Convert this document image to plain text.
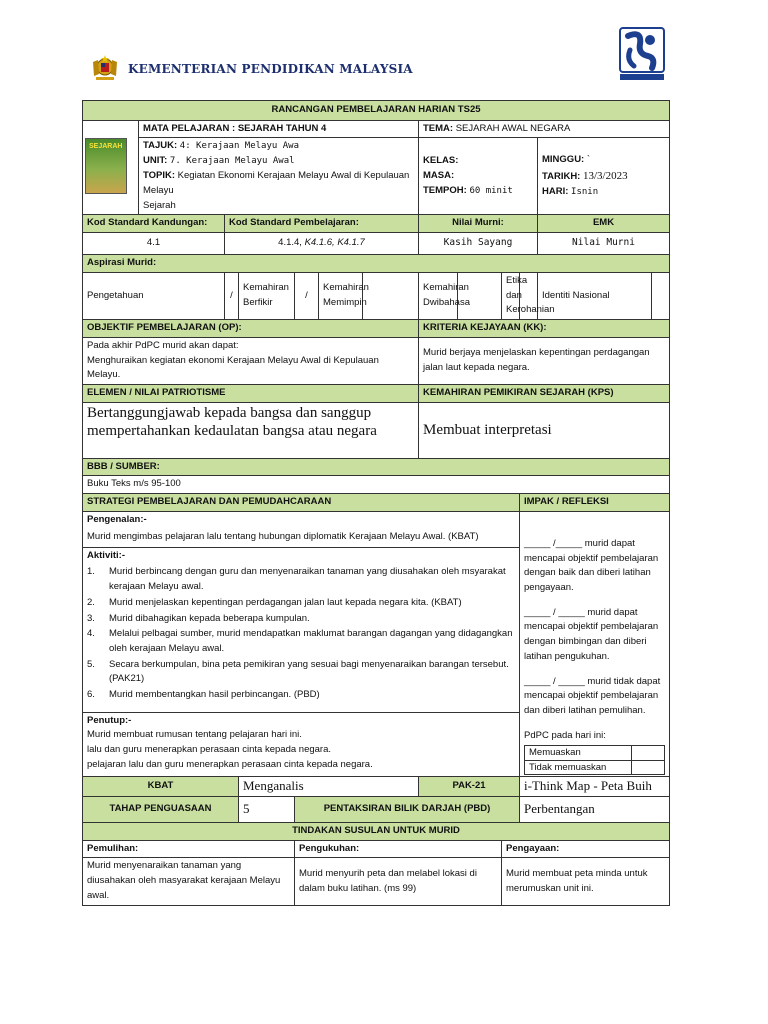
KEMENTERIAN PENDIDIKAN MALAYSIA
RANCANGAN PEMBELAJARAN HARIAN TS25

SEJARAH
	MATA PELAJARAN : SEJARAH TAHUN 4	TEMA: SEJARAH AWAL NEGARA

TAJUK: 4: Kerajaan Melayu Awa
UNIT: 7. Kerajaan Melayu Awal
TOPIK: Kegiatan Ekonomi Kerajaan Melayu Awal di Kepulauan Melayu
Sejarah

KELAS:
MASA:
TEMPOH: 60 minit

MINGGU: `
TARIKH: 13/3/2023
HARI: Isnin

Kod Standard Kandungan:	Kod Standard Pembelajaran:	Nilai Murni:	EMK
4.1	4.1.4, K4.1.6, K4.1.7	Kasih Sayang	Nilai Murni
Aspirasi Murid:
Pengetahuan	/	Kemahiran Berfikir	/	Kemahiran Memimpin		Kemahiran Dwibahasa		Etika dan Kerohanian		Identiti Nasional	
OBJEKTIF PEMBELAJARAN (OP):	KRITERIA KEJAYAAN (KK):

Pada akhir PdPC murid akan dapat:
Menghuraikan kegiatan ekonomi Kerajaan Melayu Awal di Kepulauan Melayu.
	Murid berjaya menjelaskan kepentingan perdagangan jalan laut kepada negara.
ELEMEN / NILAI PATRIOTISME	KEMAHIRAN PEMIKIRAN SEJARAH (KPS)
Bertanggungjawab kepada bangsa dan sanggup mempertahankan kedaulatan bangsa atau negara	Membuat interpretasi
BBB / SUMBER:
Buku Teks m/s 95-100
STRATEGI PEMBELAJARAN DAN PEMUDAHCARAAN	IMPAK / REFLEKSI

Pengenalan:-
Murid mengimbas pelajaran lalu tentang hubungan diplomatik Kerajaan Melayu Awal. (KBAT)

_____ /_____ murid dapat mencapai objektif pembelajaran dengan baik dan diberi latihan pengayaan.

_____ / _____ murid dapat mencapai objektif pembelajaran dengan bimbingan dan diberi latihan pengukuhan.

_____ / _____ murid tidak dapat mencapai objektif pembelajaran dan diberi latihan pemulihan.

PdPC pada hari ini:
Memuaskan	
Tidak memuaskan	

Aktiviti:-
1. Murid berbincang dengan guru dan menyenaraikan tanaman yang diusahakan oleh msyarakat kerajaan Melayu awal.
2. Murid menjelaskan kepentingan perdagangan jalan laut kepada negara kita. (KBAT)
3. Murid dibahagikan kepada beberapa kumpulan.
4. Melalui pelbagai sumber, murid mendapatkan maklumat barangan dagangan yang didagangkan oleh kerajaan Melayu awal.
5. Secara berkumpulan, bina peta pemikiran yang sesuai bagi menyenaraikan barangan tersebut. (PAK21)
6. Murid membentangkan hasil perbincangan. (PBD)

Penutup:-
Murid membuat rumusan tentang pelajaran hari ini.
lalu dan guru menerapkan perasaan cinta kepada negara.
pelajaran lalu dan guru menerapkan perasaan cinta kepada negara.

KBAT	Menganalis	PAK-21	i-Think Map - Peta Buih
TAHAP PENGUASAAN	5	PENTAKSIRAN BILIK DARJAH (PBD)	Perbentangan
TINDAKAN SUSULAN UNTUK MURID
Pemulihan:	Pengukuhan:	Pengayaan:
Murid menyenaraikan tanaman yang diusahakan oleh masyarakat kerajaan Melayu awal.	Murid menyurih peta dan melabel lokasi di dalam buku latihan. (ms 99)	Murid membuat peta minda untuk merumuskan unit ini.
